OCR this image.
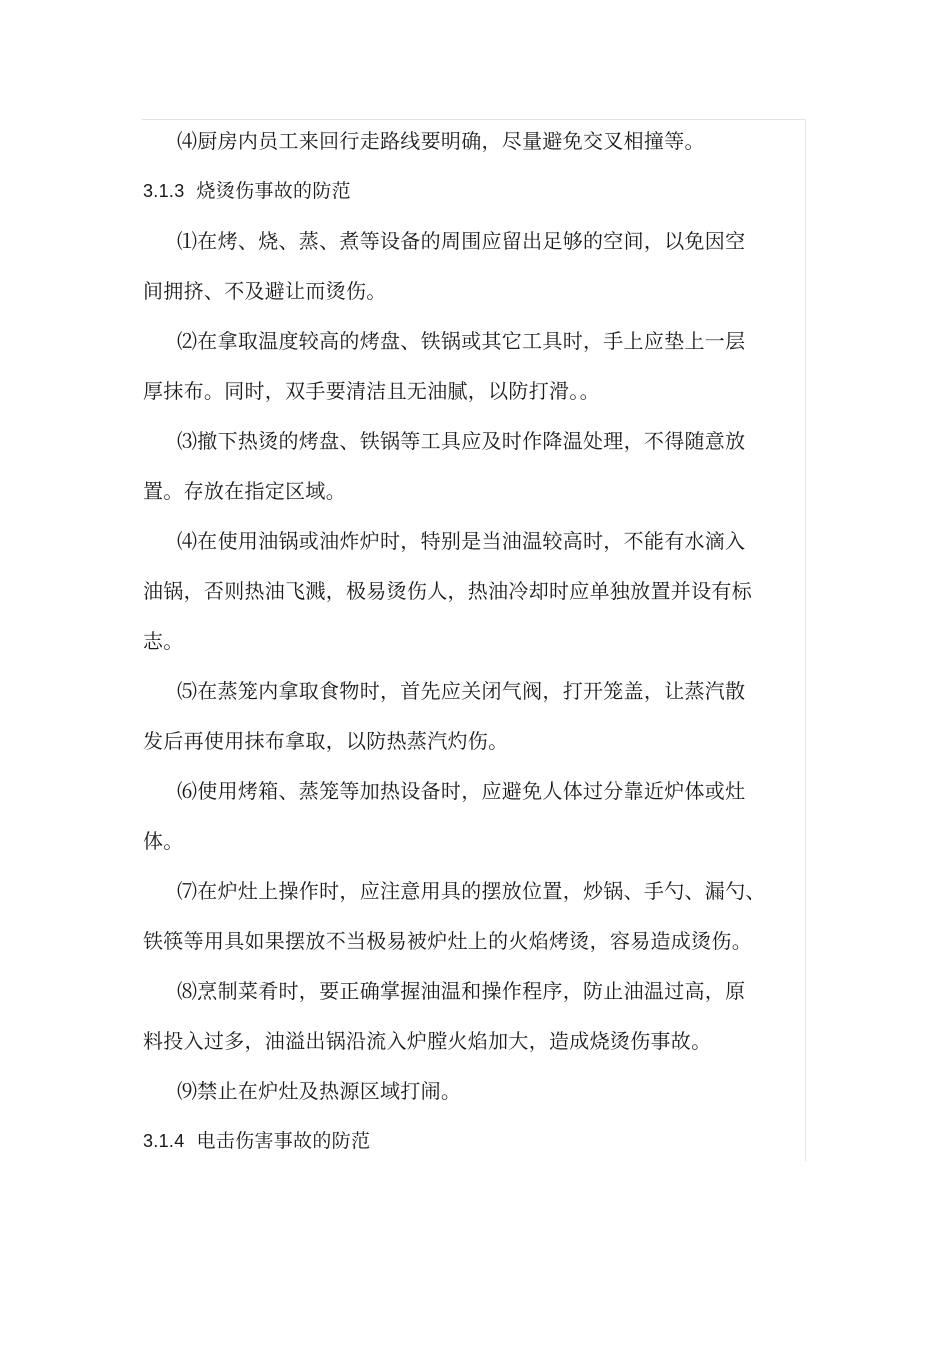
⑷厨房内员工来回行走路线要明确，尽量避免交叉相撞等。
3.1.3 烧烫伤事故的防范
⑴在烤、烧、蒸、煮等设备的周围应留出足够的空间，以免因空
间拥挤、不及避让而烫伤。
⑵在拿取温度较高的烤盘、铁锅或其它工具时，手上应垫上一层
厚抹布。同时，双手要清洁且无油腻，以防打滑。。
⑶撤下热烫的烤盘、铁锅等工具应及时作降温处理，不得随意放
置。存放在指定区域。
⑷在使用油锅或油炸炉时，特别是当油温较高时，不能有水滴入
油锅，否则热油飞溅，极易烫伤人，热油冷却时应单独放置并设有标
志。
⑸在蒸笼内拿取食物时，首先应关闭气阀，打开笼盖，让蒸汽散
发后再使用抹布拿取，以防热蒸汽灼伤。
⑹使用烤箱、蒸笼等加热设备时，应避免人体过分靠近炉体或灶
体。
⑺在炉灶上操作时，应注意用具的摆放位置，炒锅、手勺、漏勺、
铁筷等用具如果摆放不当极易被炉灶上的火焰烤烫，容易造成烫伤。
⑻烹制菜肴时，要正确掌握油温和操作程序，防止油温过高，原
料投入过多，油溢出锅沿流入炉膛火焰加大，造成烧烫伤事故。
⑼禁止在炉灶及热源区域打闹。
3.1.4 电击伤害事故的防范
